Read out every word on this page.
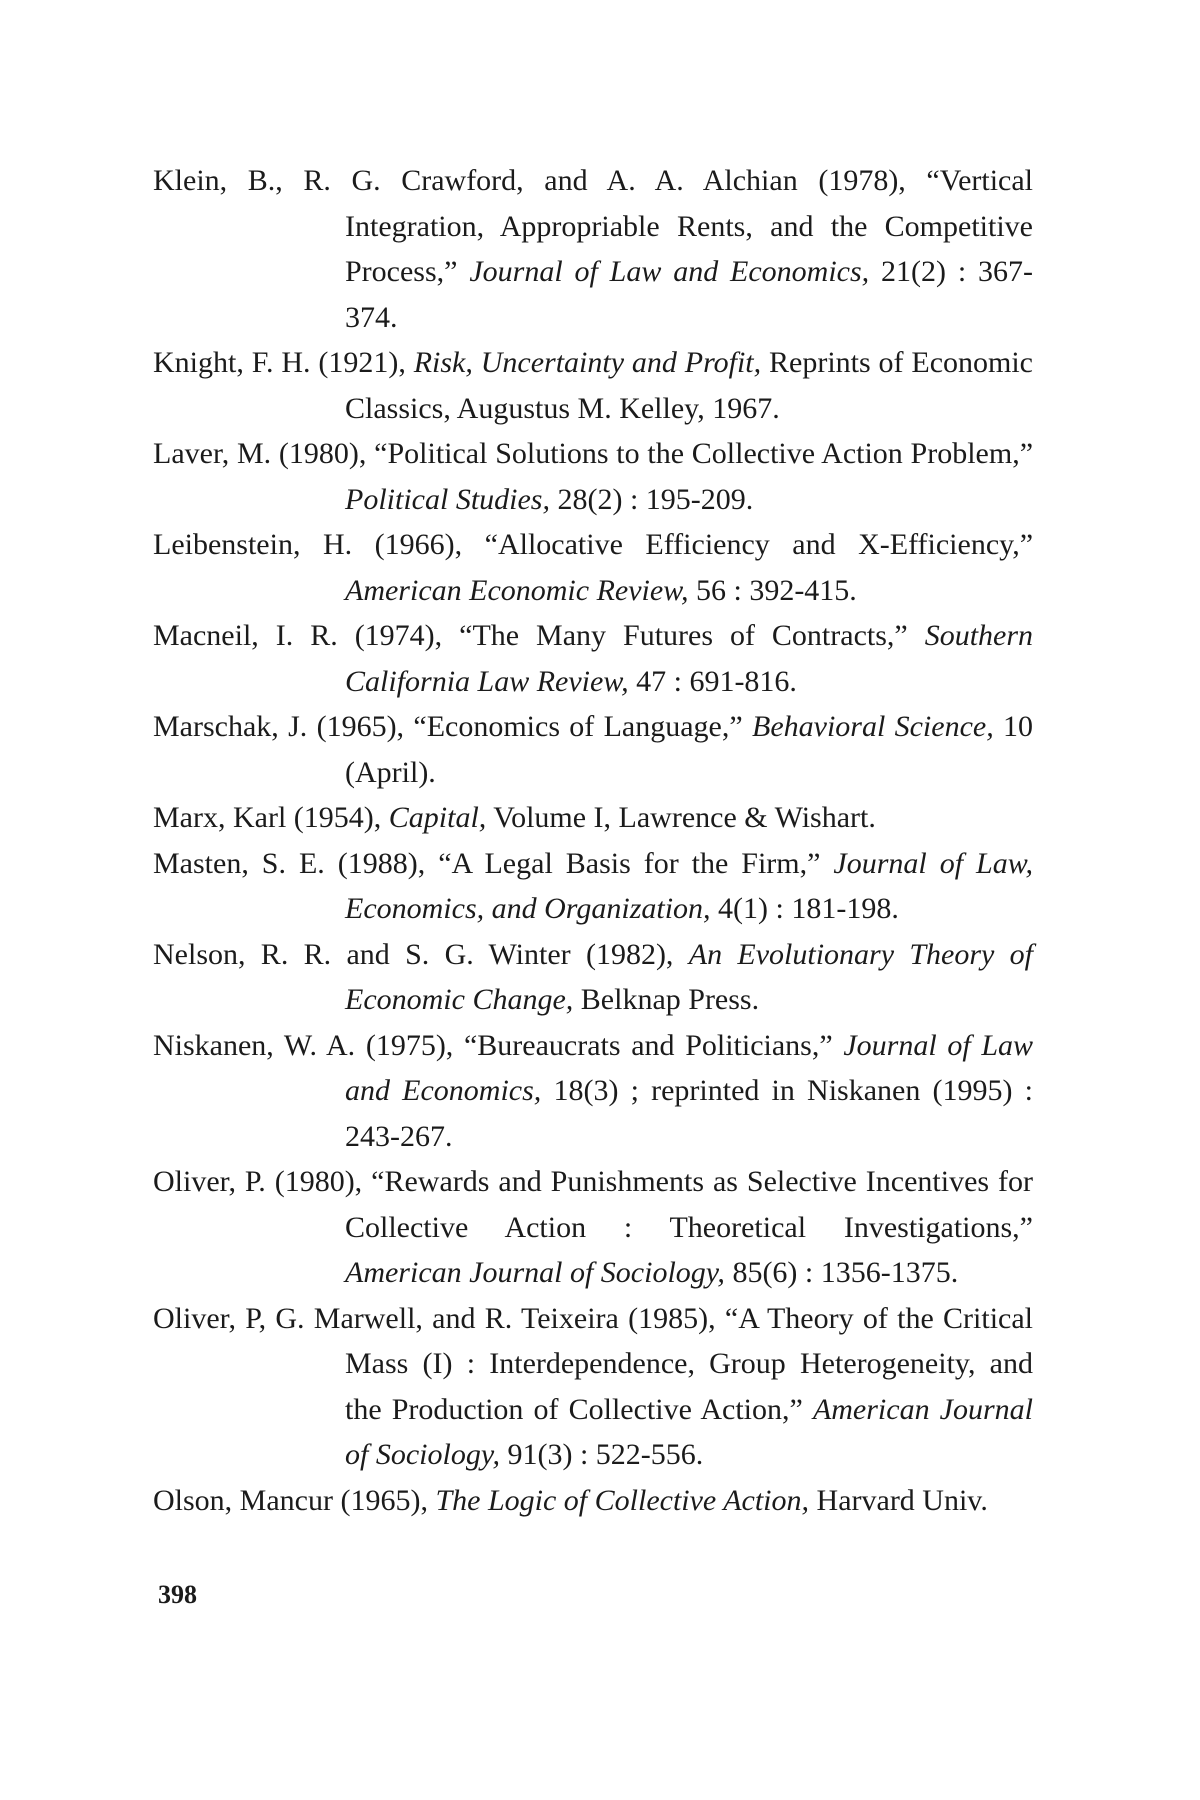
Klein, B., R. G. Crawford, and A. A. Alchian (1978), “Vertical Integration, Appropriable Rents, and the Competitive Process,” Journal of Law and Economics, 21(2) : 367-374.

Knight, F. H. (1921), Risk, Uncertainty and Profit, Reprints of Economic Classics, Augustus M. Kelley, 1967.

Laver, M. (1980), “Political Solutions to the Collective Action Problem,” Political Studies, 28(2) : 195-209.

Leibenstein, H. (1966), “Allocative Efficiency and X-Efficiency,” American Economic Review, 56 : 392-415.

Macneil, I. R. (1974), “The Many Futures of Contracts,” Southern California Law Review, 47 : 691-816.

Marschak, J. (1965), “Economics of Language,” Behavioral Science, 10 (April).

Marx, Karl (1954), Capital, Volume I, Lawrence & Wishart.

Masten, S. E. (1988), “A Legal Basis for the Firm,” Journal of Law, Economics, and Organization, 4(1) : 181-198.

Nelson, R. R. and S. G. Winter (1982), An Evolutionary Theory of Economic Change, Belknap Press.

Niskanen, W. A. (1975), “Bureaucrats and Politicians,” Journal of Law and Economics, 18(3) ; reprinted in Niskanen (1995) : 243-267.

Oliver, P. (1980), “Rewards and Punishments as Selective Incentives for Collective Action : Theoretical Investigations,” American Journal of Sociology, 85(6) : 1356-1375.

Oliver, P, G. Marwell, and R. Teixeira (1985), “A Theory of the Critical Mass (I) : Interdependence, Group Heterogeneity, and the Production of Collective Action,” American Journal of Sociology, 91(3) : 522-556.

Olson, Mancur (1965), The Logic of Collective Action, Harvard Univ.

398
